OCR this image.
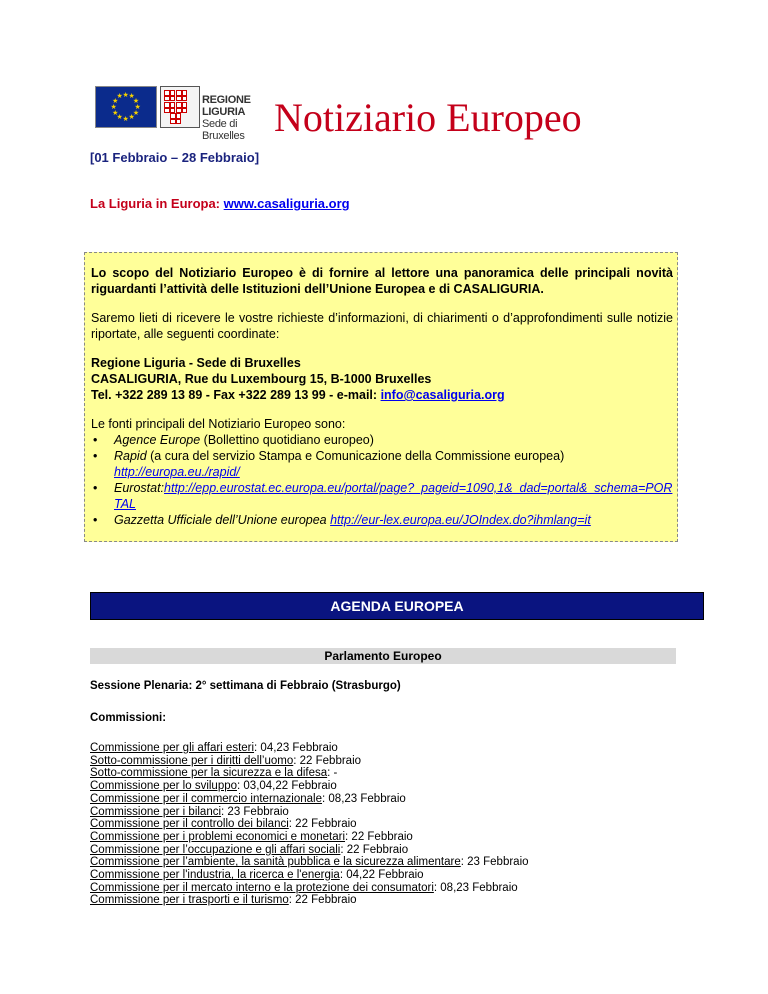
★ ★
★
★
★
★
★
★
★
★
★
★	REGIONE LIGURIA
Sede di Bruxelles Notiziario Europeo
[01 Febbraio – 28 Febbraio]
La Liguria in Europa: www.casaliguria.org

Lo scopo del Notiziario Europeo è di fornire al lettore una panoramica delle principali novità riguardanti l’attività delle Istituzioni dell’Unione Europea e di CASALIGURIA.

Saremo lieti di ricevere le vostre richieste d’informazioni, di chiarimenti o d’approfondimenti sulle notizie riportate, alle seguenti coordinate:

Regione Liguria - Sede di Bruxelles
CASALIGURIA, Rue du Luxembourg 15, B-1000 Bruxelles
Tel. +322 289 13 89 - Fax +322 289 13 99 - e-mail: info@casaliguria.org

Le fonti principali del Notiziario Europeo sono:
• Agence Europe (Bollettino quotidiano europeo)
• Rapid (a cura del servizio Stampa e Comunicazione della Commissione europea)
http://europa.eu./rapid/
• Eurostat:http://epp.eurostat.ec.europa.eu/portal/page?_pageid=1090,1&_dad=portal&_schema=PORTAL
• Gazzetta Ufficiale dell’Unione europea http://eur-lex.europa.eu/JOIndex.do?ihmlang=it
AGENDA EUROPEA
Parlamento Europeo
Sessione Plenaria: 2° settimana di Febbraio (Strasburgo)
Commissioni:
Commissione per gli affari esteri: 04,23 Febbraio
Sotto-commissione per i diritti dell’uomo: 22 Febbraio
Sotto-commissione per la sicurezza e la difesa: -
Commissione per lo sviluppo: 03,04,22 Febbraio
Commissione per il commercio internazionale: 08,23 Febbraio
Commissione per i bilanci: 23 Febbraio
Commissione per il controllo dei bilanci: 22 Febbraio
Commissione per i problemi economici e monetari: 22 Febbraio
Commissione per l’occupazione e gli affari sociali: 22 Febbraio
Commissione per l’ambiente, la sanità pubblica e la sicurezza alimentare: 23 Febbraio
Commissione per l'industria, la ricerca e l'energia: 04,22 Febbraio
Commissione per il mercato interno e la protezione dei consumatori: 08,23 Febbraio
Commissione per i trasporti e il turismo: 22 Febbraio
